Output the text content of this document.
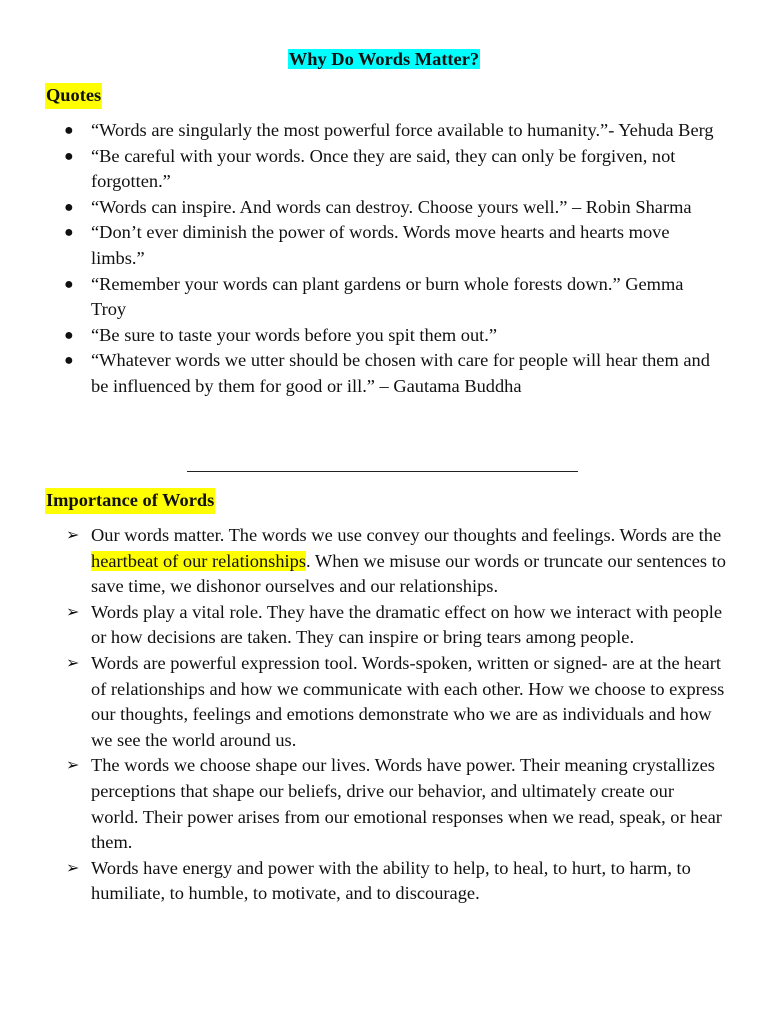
Why Do Words Matter?
Quotes
● “Words are singularly the most powerful force available to humanity.”- Yehuda Berg
● “Be careful with your words. Once they are said, they can only be forgiven, not forgotten.”
● “Words can inspire. And words can destroy. Choose yours well.” – Robin Sharma
● “Don’t ever diminish the power of words. Words move hearts and hearts move limbs.”
● “Remember your words can plant gardens or burn whole forests down.” Gemma Troy
● “Be sure to taste your words before you spit them out.”
● “Whatever words we utter should be chosen with care for people will hear them and be influenced by them for good or ill.” – Gautama Buddha
Importance of Words
➢ Our words matter. The words we use convey our thoughts and feelings. Words are the heartbeat of our relationships. When we misuse our words or truncate our sentences to save time, we dishonor ourselves and our relationships.
➢ Words play a vital role. They have the dramatic effect on how we interact with people or how decisions are taken. They can inspire or bring tears among people.
➢ Words are powerful expression tool. Words-spoken, written or signed- are at the heart of relationships and how we communicate with each other. How we choose to express our thoughts, feelings and emotions demonstrate who we are as individuals and how we see the world around us.
➢ The words we choose shape our lives. Words have power. Their meaning crystallizes perceptions that shape our beliefs, drive our behavior, and ultimately create our world. Their power arises from our emotional responses when we read, speak, or hear them.
➢ Words have energy and power with the ability to help, to heal, to hurt, to harm, to humiliate, to humble, to motivate, and to discourage.
